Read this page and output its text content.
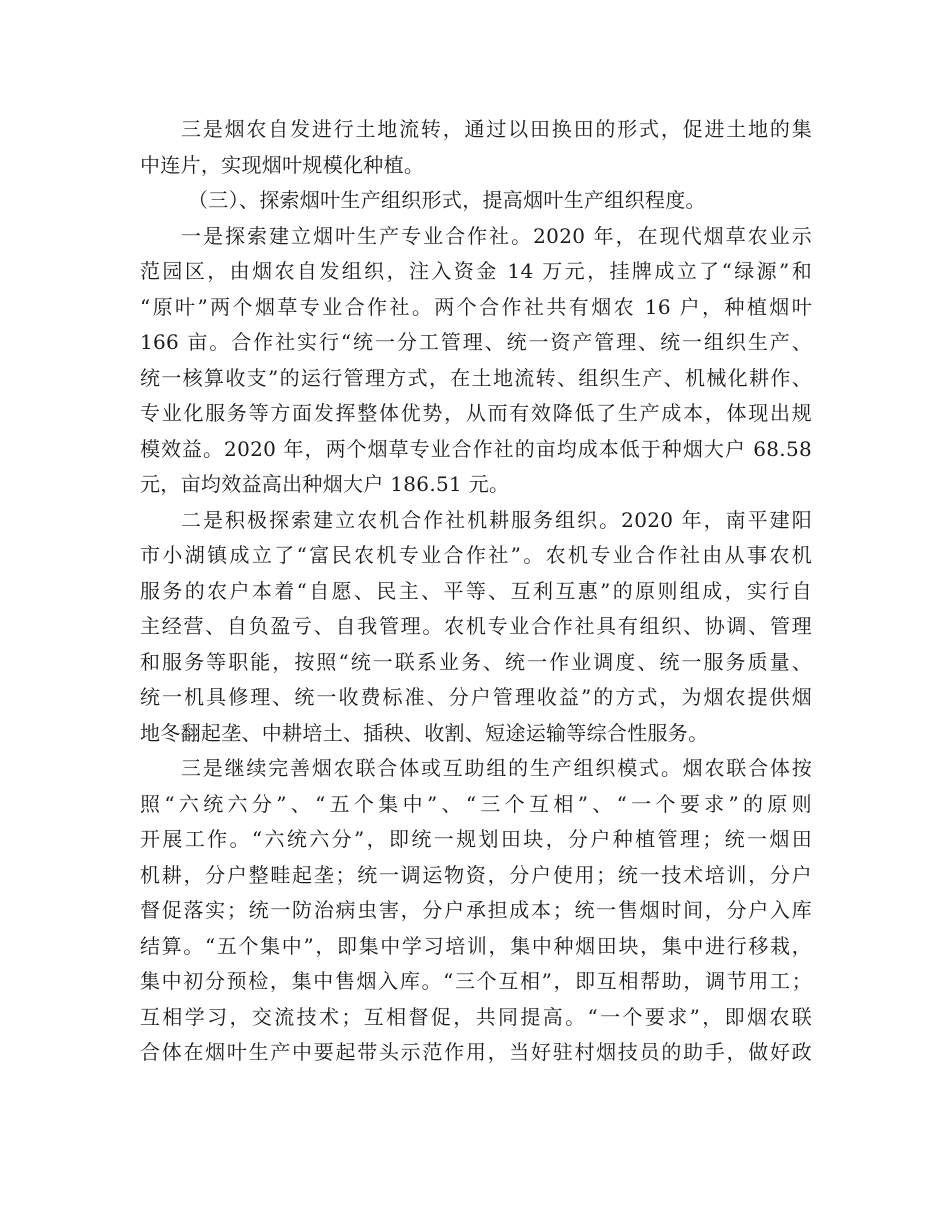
三是烟农自发进行土地流转，通过以田换田的形式，促进土地的集
中连片，实现烟叶规模化种植。
（三）、探索烟叶生产组织形式，提高烟叶生产组织程度。
一是探索建立烟叶生产专业合作社。2020 年，在现代烟草农业示
范园区，由烟农自发组织，注入资金 14 万元，挂牌成立了“绿源”和
“原叶”两个烟草专业合作社。两个合作社共有烟农 16 户，种植烟叶
166 亩。合作社实行“统一分工管理、统一资产管理、统一组织生产、
统一核算收支”的运行管理方式，在土地流转、组织生产、机械化耕作、
专业化服务等方面发挥整体优势，从而有效降低了生产成本，体现出规
模效益。2020 年，两个烟草专业合作社的亩均成本低于种烟大户 68.58
元，亩均效益高出种烟大户 186.51 元。
二是积极探索建立农机合作社机耕服务组织。2020 年，南平建阳
市小湖镇成立了“富民农机专业合作社”。农机专业合作社由从事农机
服务的农户本着“自愿、民主、平等、互利互惠”的原则组成，实行自
主经营、自负盈亏、自我管理。农机专业合作社具有组织、协调、管理
和服务等职能，按照“统一联系业务、统一作业调度、统一服务质量、
统一机具修理、统一收费标准、分户管理收益”的方式，为烟农提供烟
地冬翻起垄、中耕培土、插秧、收割、短途运输等综合性服务。
三是继续完善烟农联合体或互助组的生产组织模式。烟农联合体按
照“六统六分”、“五个集中”、“三个互相”、“一个要求”的原则
开展工作。“六统六分”，即统一规划田块，分户种植管理；统一烟田
机耕，分户整畦起垄；统一调运物资，分户使用；统一技术培训，分户
督促落实；统一防治病虫害，分户承担成本；统一售烟时间，分户入库
结算。“五个集中”，即集中学习培训，集中种烟田块，集中进行移栽，
集中初分预检，集中售烟入库。“三个互相”，即互相帮助，调节用工；
互相学习，交流技术；互相督促，共同提高。“一个要求”，即烟农联
合体在烟叶生产中要起带头示范作用，当好驻村烟技员的助手，做好政
